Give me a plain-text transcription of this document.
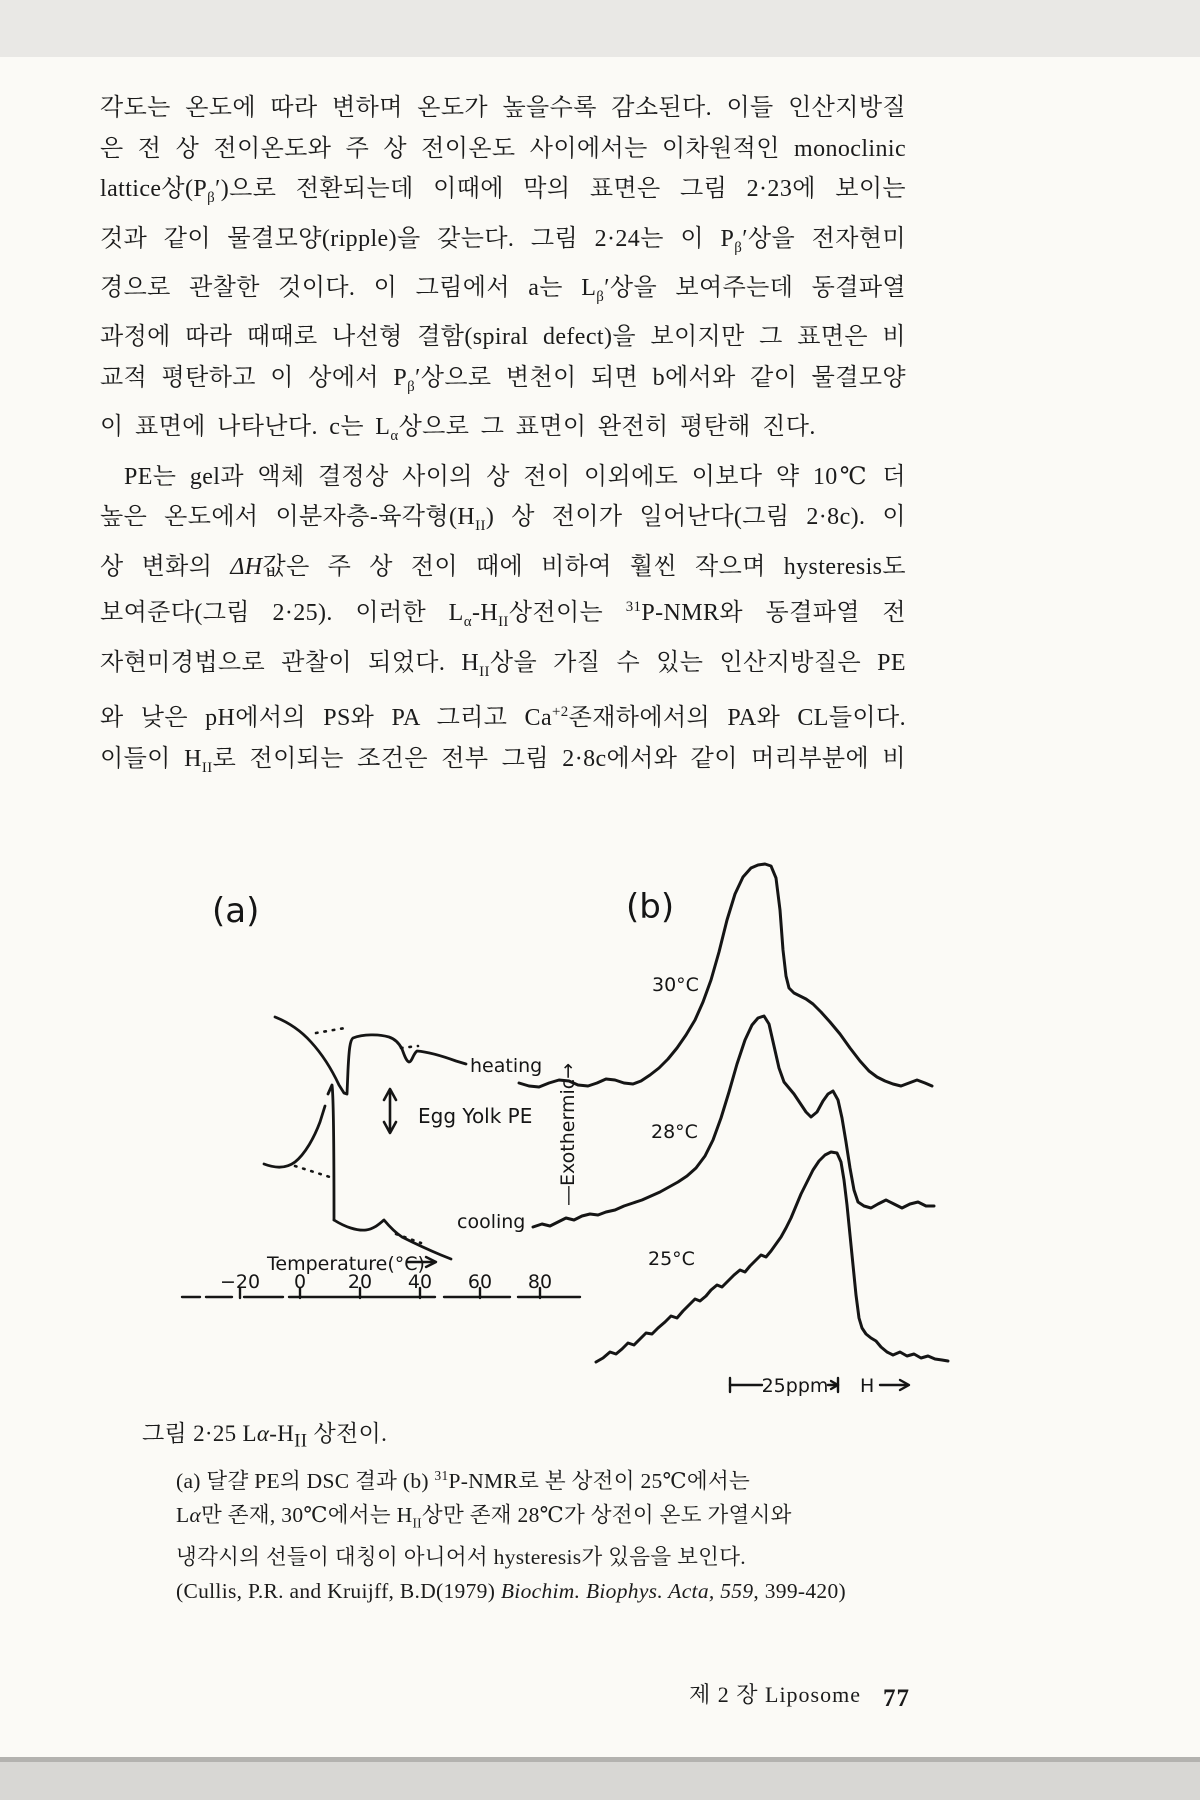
각도는 온도에 따라 변하며 온도가 높을수록 감소된다. 이들 인산지방질
은 전 상 전이온도와 주 상 전이온도 사이에서는 이차원적인 monoclinic
lattice상$(P_\beta')$으로 전환되는데 이때에 막의 표면은 그림 2·23에 보이는
것과 같이 물결모양(ripple)을 갖는다. 그림 2·24는 이 $P_\beta'$상을 전자현미
경으로 관찰한 것이다. 이 그림에서 a는 $L_\beta'$상을 보여주는데 동결파열
과정에 따라 때때로 나선형 결함(spiral defect)을 보이지만 그 표면은 비
교적 평탄하고 이 상에서 $P_\beta'$상으로 변천이 되면 b에서와 같이 물결모양
이 표면에 나타난다. c는 $L_\alpha$상으로 그 표면이 완전히 평탄해 진다.
PE는 gel과 액체 결정상 사이의 상 전이 이외에도 이보다 약 10℃ 더
높은 온도에서 이분자층-육각형$(H_{II})$ 상 전이가 일어난다(그림 2·8c). 이
상 변화의 ΔH값은 주 상 전이 때에 비하여 훨씬 작으며 hysteresis도
보여준다(그림 2·25). 이러한 $L_\alpha-H_{II}$상전이는 $^{31}$P-NMR와 동결파열 전
자현미경법으로 관찰이 되었다. $H_{II}$상을 가질 수 있는 인산지방질은 PE
와 낮은 pH에서의 PS와 PA 그리고 $Ca^{+2}$존재하에서의 PA와 CL들이다.
이들이 $H_{II}$로 전이되는 조건은 전부 그림 2·8c에서와 같이 머리부분에 비
(a)
heating
cooling
Egg Yolk PE
−20 0 20 40 60 80
Temperature(°C)
―Exothermic→
(b)
30°C
28°C
25°C
25ppm H
그림 2·25 $L\alpha-H_{II}$ 상전이.
(a) 달걀 PE의 DSC 결과 (b) $^{31}$P-NMR로 본 상전이 25℃에서는
Lα만 존재, 30℃에서는 $H_{II}$상만 존재 28℃가 상전이 온도 가열시와
냉각시의 선들이 대칭이 아니어서 hysteresis가 있음을 보인다.
(Cullis, P.R. and Kruijff, B.D(1979) Biochim. Biophys. Acta, 559, 399-420)
제 2 장 Liposome 77
